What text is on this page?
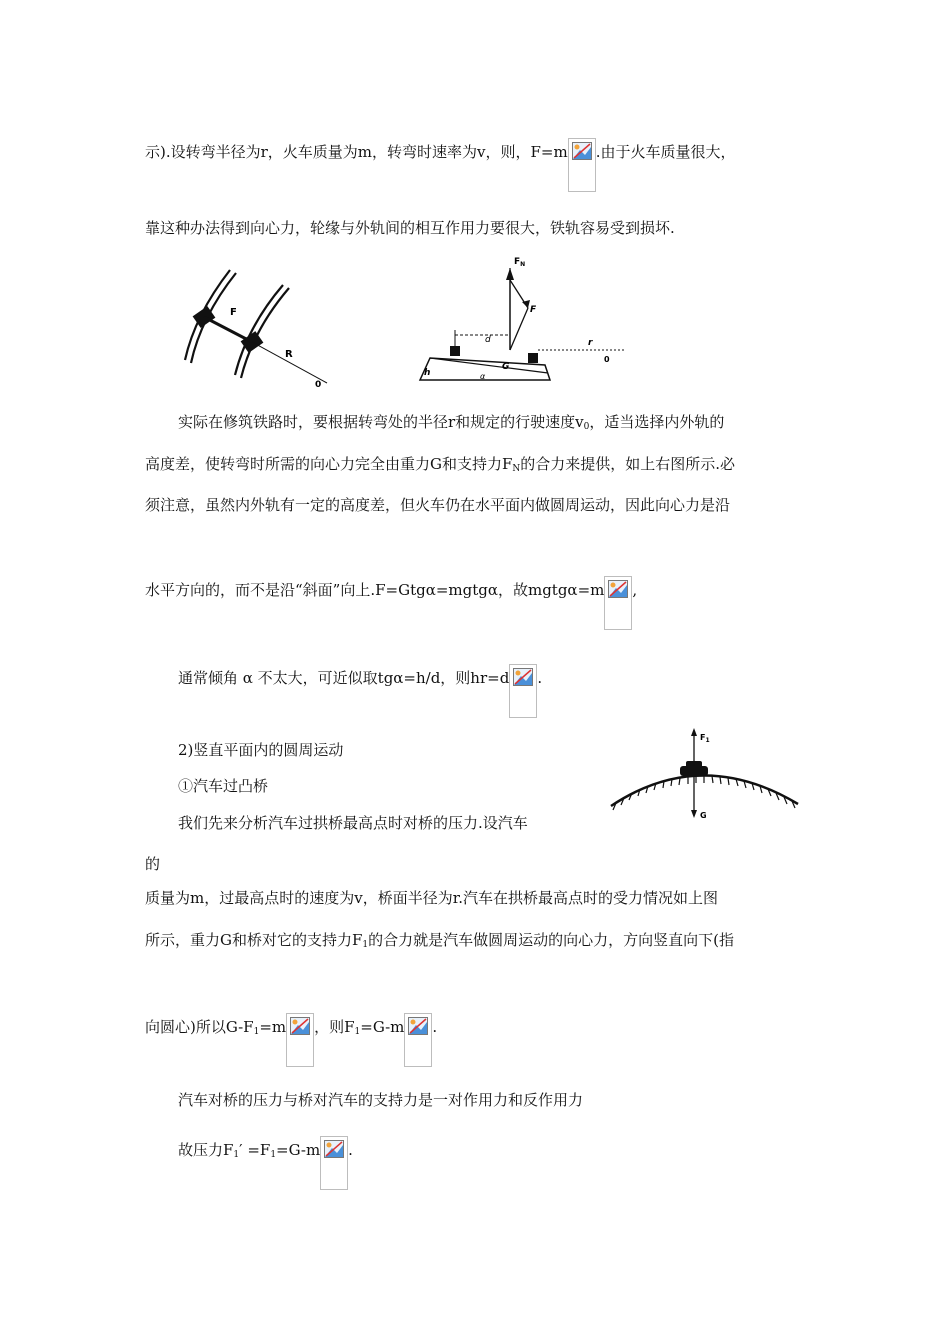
示).设转弯半径为r，火车质量为m，转弯时速率为v，则，F=m .由于火车质量很大，
靠这种办法得到向心力，轮缘与外轨间的相互作用力要很大，铁轨容易受到损坏.
F
R
0
$F_N$
F
d	r
0
G
h	α
实际在修筑铁路时，要根据转弯处的半径r和规定的行驶速度$v_0$，适当选择内外轨的
高度差，使转弯时所需的向心力完全由重力G和支持力$F_N$的合力来提供，如上右图所示.必
须注意，虽然内外轨有一定的高度差，但火车仍在水平面内做圆周运动，因此向心力是沿
水平方向的，而不是沿“斜面”向上.F=Gtgα=mgtgα，故mgtgα=m ,
通常倾角 α 不太大，可近似取tgα=h/d，则hr=d .
2)竖直平面内的圆周运动
①汽车过凸桥
$F_1$
G
我们先来分析汽车过拱桥最高点时对桥的压力.设汽车
的
质量为m，过最高点时的速度为v，桥面半径为r.汽车在拱桥最高点时的受力情况如上图
所示，重力G和桥对它的支持力$F_1$的合力就是汽车做圆周运动的向心力，方向竖直向下(指
向圆心)所以$G-F_1=m$ ，则$F_1=G-m$ .
汽车对桥的压力与桥对汽车的支持力是一对作用力和反作用力
故压力$F_1' =F_1=G-m$ .
